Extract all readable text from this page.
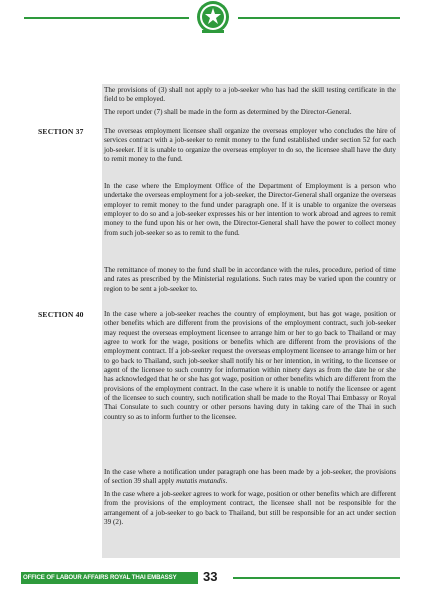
SECTION 37
SECTION 40

The provisions of (3) shall not apply to a job-seeker who has had the skill testing certificate in the field to be employed.

The report under (7) shall be made in the form as determined by the Director-General.

The overseas employment licensee shall organize the overseas employer who concludes the hire of services contract with a job-seeker to remit money to the fund established under section 52 for each job-seeker. If it is unable to organize the overseas employer to do so, the licensee shall have the duty to remit money to the fund.

In the case where the Employment Office of the Department of Employment is a person who undertake the overseas employment for a job-seeker, the Director-General shall organize the overseas employer to remit money to the fund under paragraph one. If it is unable to organize the overseas employer to do so and a job-seeker expresses his or her intention to work abroad and agrees to remit money to the fund upon his or her own, the Director-General shall have the power to collect money from such job-seeker so as to remit to the fund.

The remittance of money to the fund shall be in accordance with the rules, procedure, period of time and rates as prescribed by the Ministerial regulations. Such rates may be varied upon the country or region to be sent a job-seeker to.

In the case where a job-seeker reaches the country of employment, but has got wage, position or other benefits which are different from the provisions of the employment contract, such job-seeker may request the overseas employment licensee to arrange him or her to go back to Thailand or may agree to work for the wage, positions or benefits which are different from the provisions of the employment contract. If a job-seeker request the overseas employment licensee to arrange him or her to go back to Thailand, such job-seeker shall notify his or her intention, in writing, to the licensee or agent of the licensee to such country for information within ninety days as from the date he or she has acknowledged that he or she has got wage, position or other benefits which are different from the provisions of the employment contract. In the case where it is unable to notify the licensee or agent of the licensee to such country, such notification shall be made to the Royal Thai Embassy or Royal Thai Consulate to such country or other persons having duty in taking care of the Thai in such country so as to inform further to the licensee.

In the case where a notification under paragraph one has been made by a job-seeker, the provisions of section 39 shall apply mutatis mutandis.

In the case where a job-seeker agrees to work for wage, position or other benefits which are different from the provisions of the employment contract, the licensee shall not be responsible for the arrangement of a job-seeker to go back to Thailand, but still be responsible for an act under section 39 (2).

OFFICE OF LABOUR AFFAIRS ROYAL THAI EMBASSY	33
